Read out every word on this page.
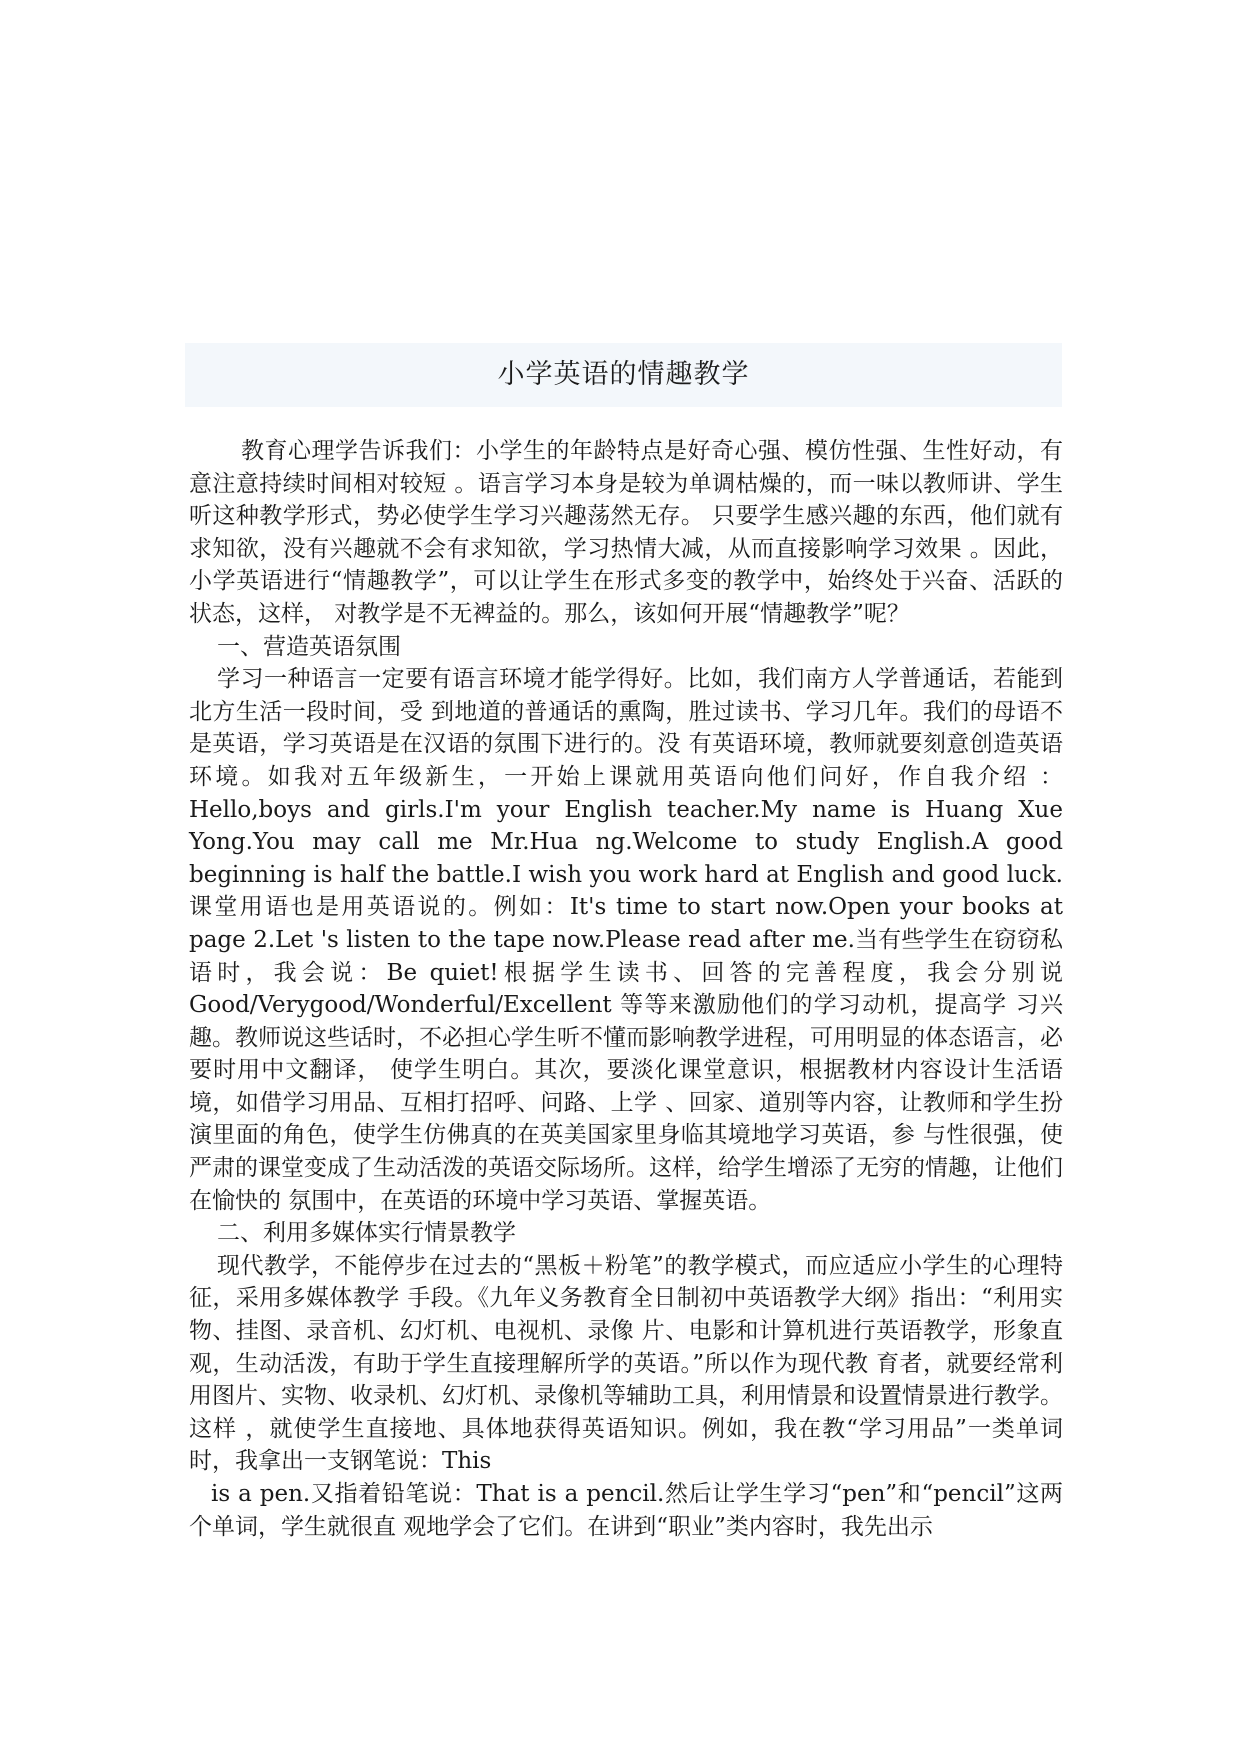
小学英语的情趣教学

教育心理学告诉我们：小学生的年龄特点是好奇心强、模仿性强、生性好动，有意注意持续时间相对较短 。语言学习本身是较为单调枯燥的，而一味以教师讲、学生听这种教学形式，势必使学生学习兴趣荡然无存。 只要学生感兴趣的东西，他们就有求知欲，没有兴趣就不会有求知欲，学习热情大减，从而直接影响学习效果 。因此，小学英语进行“情趣教学”，可以让学生在形式多变的教学中，始终处于兴奋、活跃的状态，这样， 对教学是不无裨益的。那么，该如何开展“情趣教学”呢？

一、营造英语氛围

学习一种语言一定要有语言环境才能学得好。比如，我们南方人学普通话，若能到北方生活一段时间，受 到地道的普通话的熏陶，胜过读书、学习几年。我们的母语不是英语，学习英语是在汉语的氛围下进行的。没 有英语环境，教师就要刻意创造英语环境。如我对五年级新生，一开始上课就用英语向他们问好，作自我介绍 ：Hello,boys and girls.I'm your English teacher.My name is Huang Xue Yong.You may call me Mr.Hua ng.Welcome to study English.A good beginning is half the battle.I wish you work hard at English and good luck.课堂用语也是用英语说的。例如：It's time to start now.Open your books at page 2.Let 's listen to the tape now.Please read after me.当有些学生在窃窃私语时，我会说：Be quiet!根据学生读书、回答的完善程度，我会分别说 Good/Verygood/Wonderful/Excellent 等等来激励他们的学习动机，提高学 习兴趣。教师说这些话时，不必担心学生听不懂而影响教学进程，可用明显的体态语言，必要时用中文翻译， 使学生明白。其次，要淡化课堂意识，根据教材内容设计生活语境，如借学习用品、互相打招呼、问路、上学 、回家、道别等内容，让教师和学生扮演里面的角色，使学生仿佛真的在英美国家里身临其境地学习英语，参 与性很强，使严肃的课堂变成了生动活泼的英语交际场所。这样，给学生增添了无穷的情趣，让他们在愉快的 氛围中，在英语的环境中学习英语、掌握英语。

二、利用多媒体实行情景教学

现代教学，不能停步在过去的“黑板＋粉笔”的教学模式，而应适应小学生的心理特征，采用多媒体教学 手段。《九年义务教育全日制初中英语教学大纲》指出：“利用实物、挂图、录音机、幻灯机、电视机、录像 片、电影和计算机进行英语教学，形象直观，生动活泼，有助于学生直接理解所学的英语。”所以作为现代教 育者，就要经常利用图片、实物、收录机、幻灯机、录像机等辅助工具，利用情景和设置情景进行教学。这样 ，就使学生直接地、具体地获得英语知识。例如，我在教“学习用品”一类单词时，我拿出一支钢笔说：This

is a pen.又指着铅笔说：That is a pencil.然后让学生学习“pen”和“pencil”这两个单词，学生就很直 观地学会了它们。在讲到“职业”类内容时，我先出示
